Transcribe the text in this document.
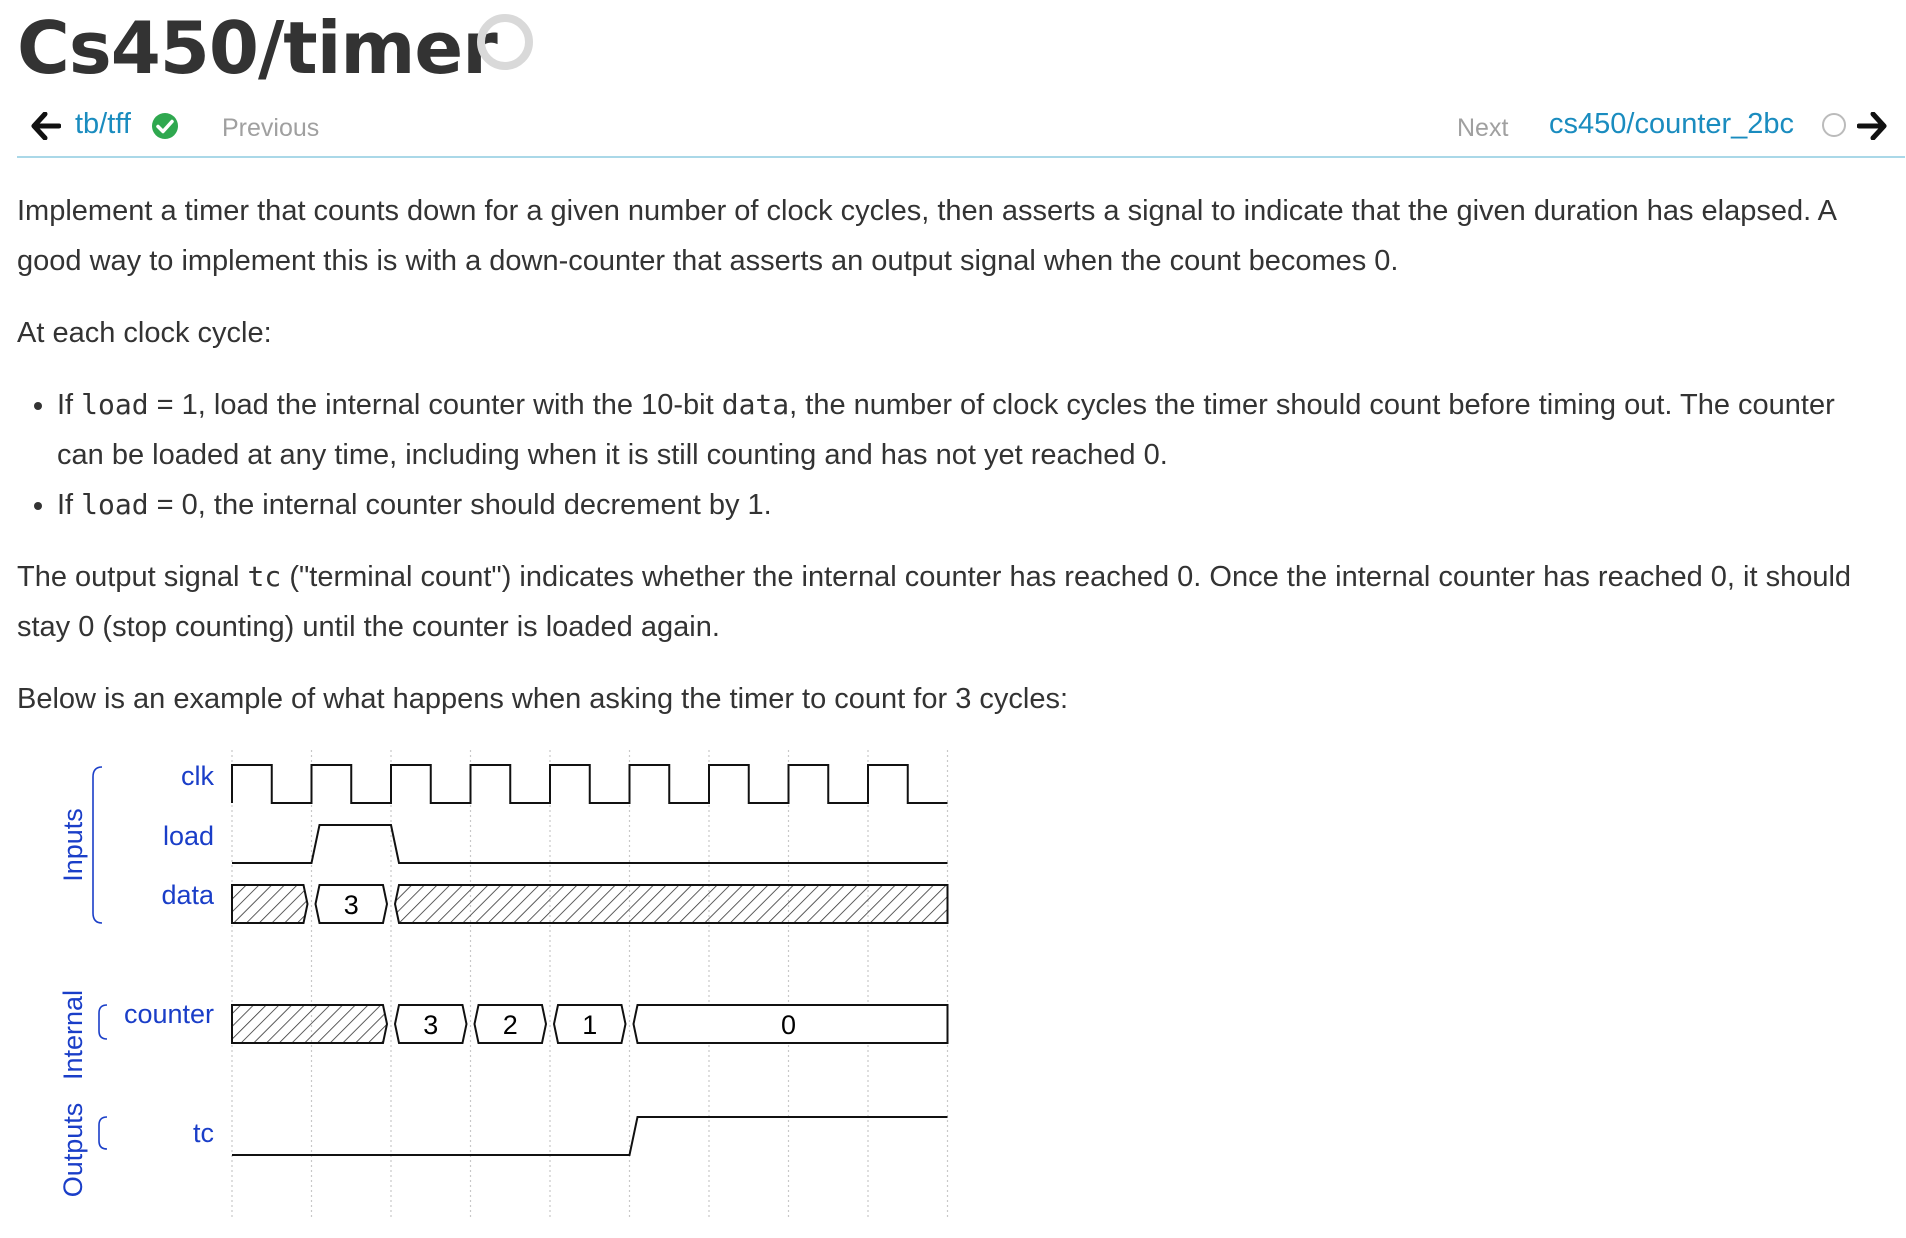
Cs450/timer
tb/tff	Previous	Next cs450/counter_2bc

Implement a timer that counts down for a given number of clock cycles, then asserts a signal to indicate that the given duration has elapsed. A good way to implement this is with a down-counter that asserts an output signal when the count becomes 0.

At each clock cycle:

• If load = 1, load the internal counter with the 10-bit data, the number of clock cycles the timer should count before timing out. The counter can be loaded at any time, including when it is still counting and has not yet reached 0.
• If load = 0, the internal counter should decrement by 1.

The output signal tc ("terminal count") indicates whether the internal counter has reached 0. Once the internal counter has reached 0, it should stay 0 (stop counting) until the counter is loaded again.

Below is an example of what happens when asking the timer to count for 3 cycles:

Inputs
Internal
Outputs
clk
load
data
counter
tc
3
3 2 1	0
